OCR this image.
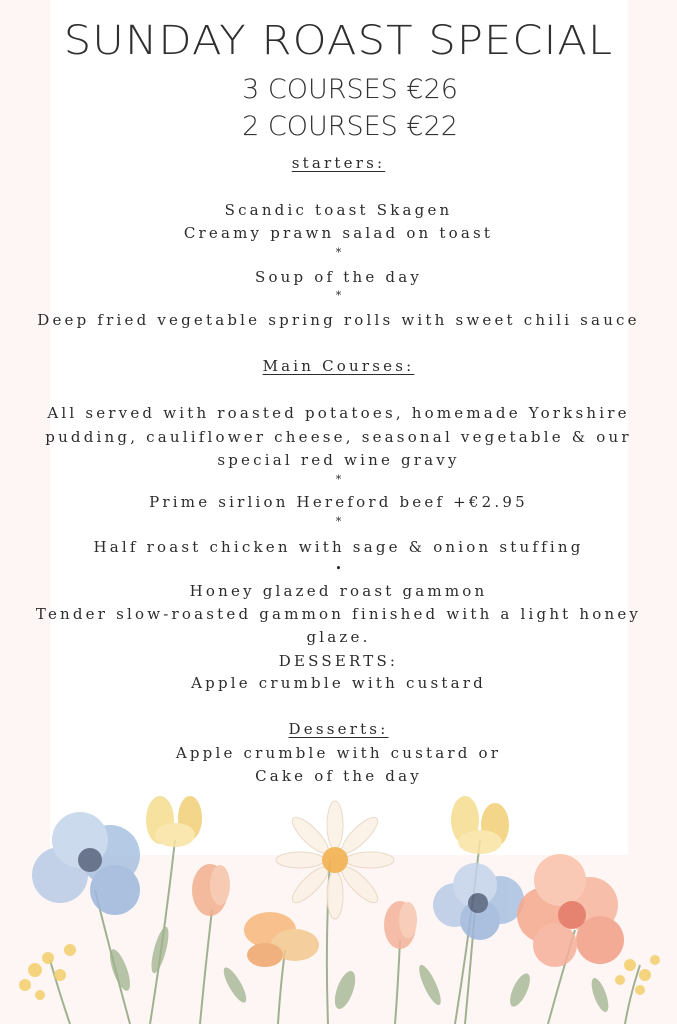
SUNDAY ROAST SPECIAL
3 COURSES €26
2 COURSES €22
starters:
Scandic toast Skagen
Creamy prawn salad on toast
*
Soup of the day
*
Deep fried vegetable spring rolls with sweet chili sauce
Main Courses:
All served with roasted potatoes, homemade Yorkshire
pudding, cauliflower cheese, seasonal vegetable & our
special red wine gravy
*
Prime sirlion Hereford beef +€2.95
*
Half roast chicken with sage & onion stuffing
•
Honey glazed roast gammon
Tender slow-roasted gammon finished with a light honey
glaze.
DESSERTS:
Apple crumble with custard
Desserts:
Apple crumble with custard or
Cake of the day
